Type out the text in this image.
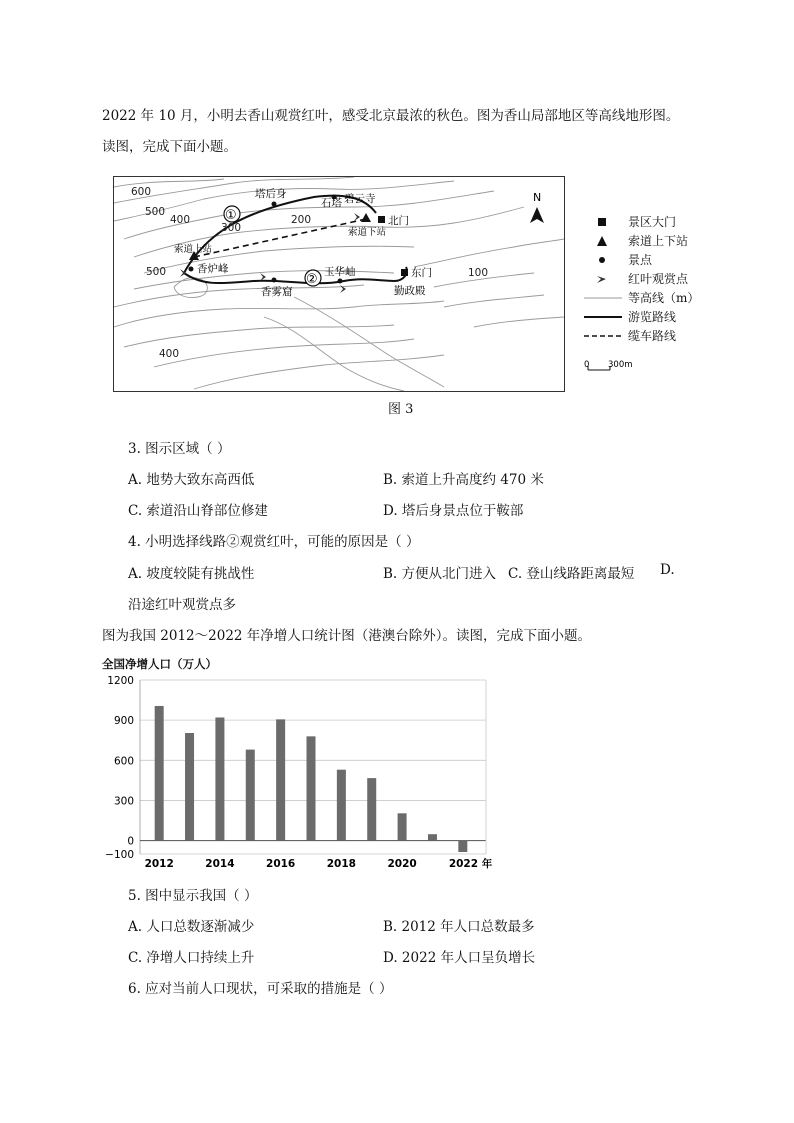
2022 年 10 月，小明去香山观赏红叶，感受北京最浓的秋色。图为香山局部地区等高线地形图。
读图，完成下面小题。
①
②
600
500
400
300
200
500
400
100
塔后身
石塔 碧云寺
北门
索道下站
索道上站
香炉峰
香雾窟
玉华岫	东门
勤政殿
N
景区大门
索道上下站
景点
红叶观赏点
等高线（m）
游览路线
缆车路线
0 300m
图 3
3. 图示区域（ ）
A. 地势大致东高西低	B. 索道上升高度约 470 米
C. 索道沿山脊部位修建	D. 塔后身景点位于鞍部
4. 小明选择线路②观赏红叶，可能的原因是（ ）
A. 坡度较陡有挑战性	B. 方便从北门进入 C. 登山线路距离最短 D.
沿途红叶观赏点多
图为我国 2012～2022 年净增人口统计图（港澳台除外）。读图，完成下面小题。
全国净增人口（万人）
1200
900
600
300
0
−100
2012	2014	2016	2018	2020	2022 年
5. 图中显示我国（ ）
A. 人口总数逐渐减少	B. 2012 年人口总数最多
C. 净增人口持续上升	D. 2022 年人口呈负增长
6. 应对当前人口现状，可采取的措施是（ ）
